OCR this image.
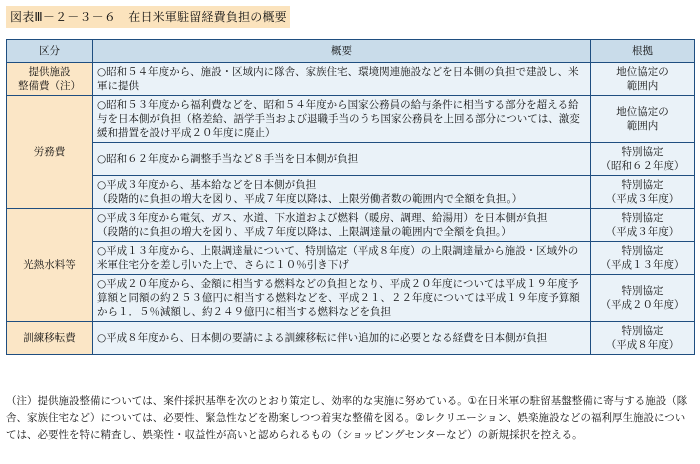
図表Ⅲ－２－３－６　在日米軍駐留経費負担の概要
区分	概要	根拠
提供施設
整備費（注）	○昭和５４年度から、施設・区域内に隊舎、家族住宅、環境関連施設などを日本側の負担で建設し、米軍に提供	地位協定の
範囲内
労務費	○昭和５３年度から福利費などを、昭和５４年度から国家公務員の給与条件に相当する部分を超える給与を日本側が負担（格差給、語学手当および退職手当のうち国家公務員を上回る部分については、激変緩和措置を設け平成２０年度に廃止）	地位協定の
範囲内
	○昭和６２年度から調整手当など８手当を日本側が負担	特別協定
（昭和６２年度）
	○平成３年度から、基本給などを日本側が負担
（段階的に負担の増大を図り、平成７年度以降は、上限労働者数の範囲内で全額を負担。）	特別協定
（平成３年度）
光熱水料等	○平成３年度から電気、ガス、水道、下水道および燃料（暖房、調理、給湯用）を日本側が負担
（段階的に負担の増大を図り、平成７年度以降は、上限調達量の範囲内で全額を負担。）	特別協定
（平成３年度）
	○平成１３年度から、上限調達量について、特別協定（平成８年度）の上限調達量から施設・区域外の米軍住宅分を差し引いた上で、さらに１０％引き下げ	特別協定
（平成１３年度）
	○平成２０年度から、金額に相当する燃料などの負担となり、平成２０年度については平成１９年度予算額と同額の約２５３億円に相当する燃料などを、平成２１、２２年度については平成１９年度予算額から１．５％減額し、約２４９億円に相当する燃料などを負担	特別協定
（平成２０年度）
訓練移転費	○平成８年度から、日本側の要請による訓練移転に伴い追加的に必要となる経費を日本側が負担	特別協定
（平成８年度）
（注）提供施設整備については、案件採択基準を次のとおり策定し、効率的な実施に努めている。①在日米軍の駐留基盤整備に寄与する施設（隊舎、家族住宅など）については、必要性、緊急性などを勘案しつつ着実な整備を図る。②レクリエーション、娯楽施設などの福利厚生施設については、必要性を特に精査し、娯楽性・収益性が高いと認められるもの（ショッピングセンターなど）の新規採択を控える。
